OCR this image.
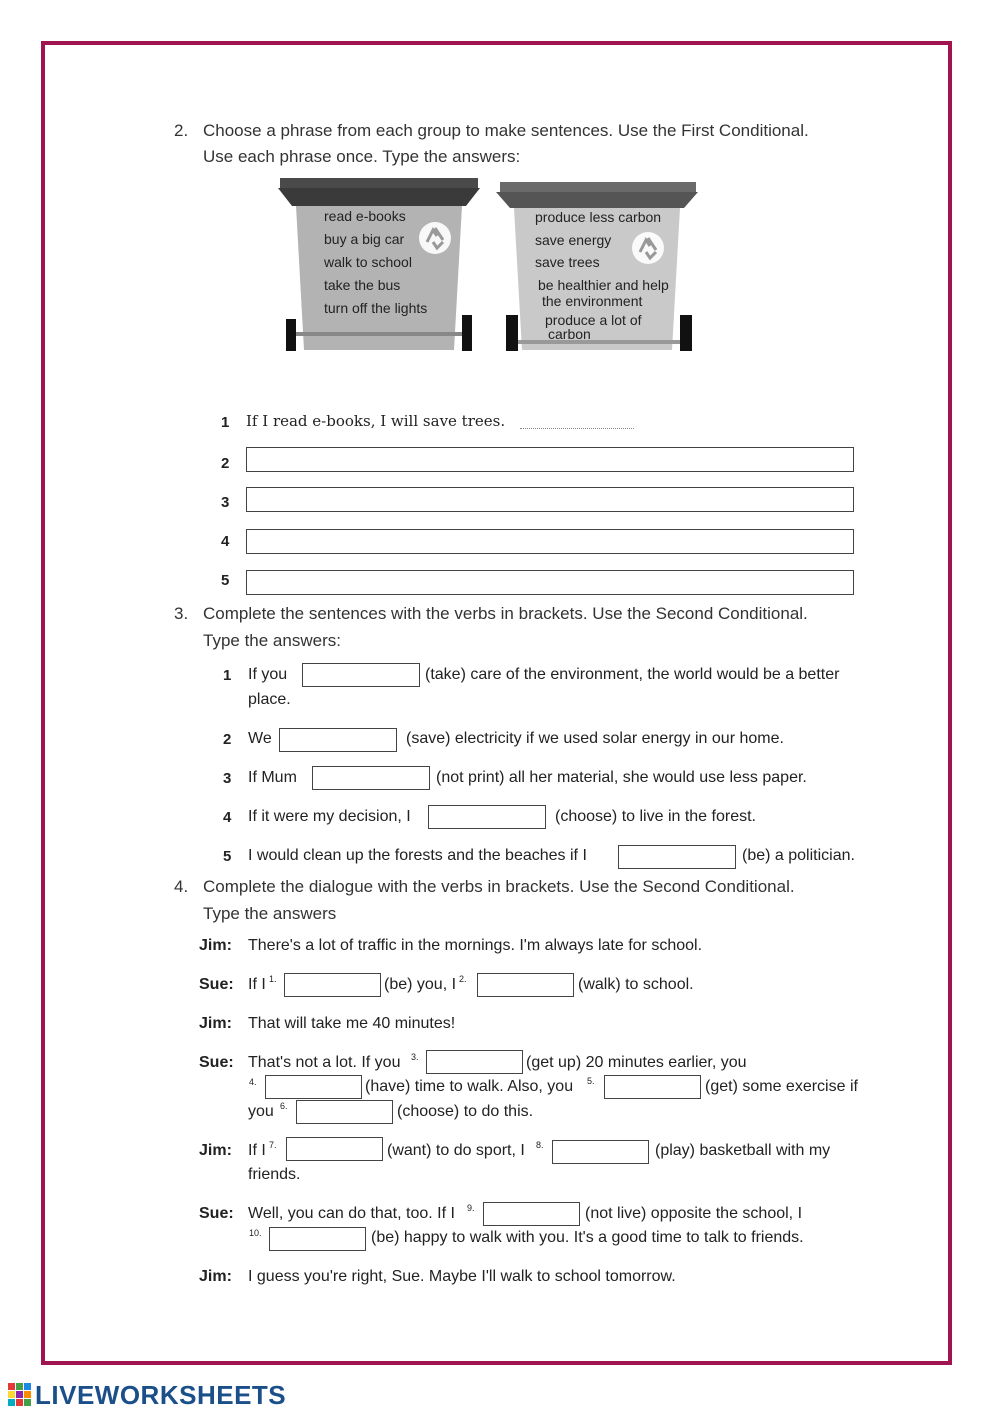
2. Choose a phrase from each group to make sentences. Use the First Conditional.
Use each phrase once. Type the answers:
read e-books
buy a big car
walk to school
take the bus
turn off the lights
produce less carbon
save energy
save trees
be healthier and help
the environment
produce a lot of
carbon
1 If I read e-books, I will save trees.
2
3
4
5
3. Complete the sentences with the verbs in brackets. Use the Second Conditional.
Type the answers:
1 If you	(take) care of the environment, the world would be a better
place.
2 We	(save) electricity if we used solar energy in our home.
3 If Mum	(not print) all her material, she would use less paper.
4 If it were my decision, I	(choose) to live in the forest.
5 I would clean up the forests and the beaches if I	(be) a politician.
4. Complete the dialogue with the verbs in brackets. Use the Second Conditional.
Type the answers
Jim: There's a lot of traffic in the mornings. I'm always late for school.
Sue: If I 1.	(be) you, I 2.	(walk) to school.
Jim: That will take me 40 minutes!
Sue: That's not a lot. If you 3.	(get up) 20 minutes earlier, you
4.	(have) time to walk. Also, you 5.	(get) some exercise if
you 6.	(choose) to do this.
Jim: If I 7.	(want) to do sport, I 8.	(play) basketball with my
friends.
Sue: Well, you can do that, too. If I 9.	(not live) opposite the school, I
10.	(be) happy to walk with you. It's a good time to talk to friends.
Jim: I guess you're right, Sue. Maybe I'll walk to school tomorrow.
LIVEWORKSHEETS
